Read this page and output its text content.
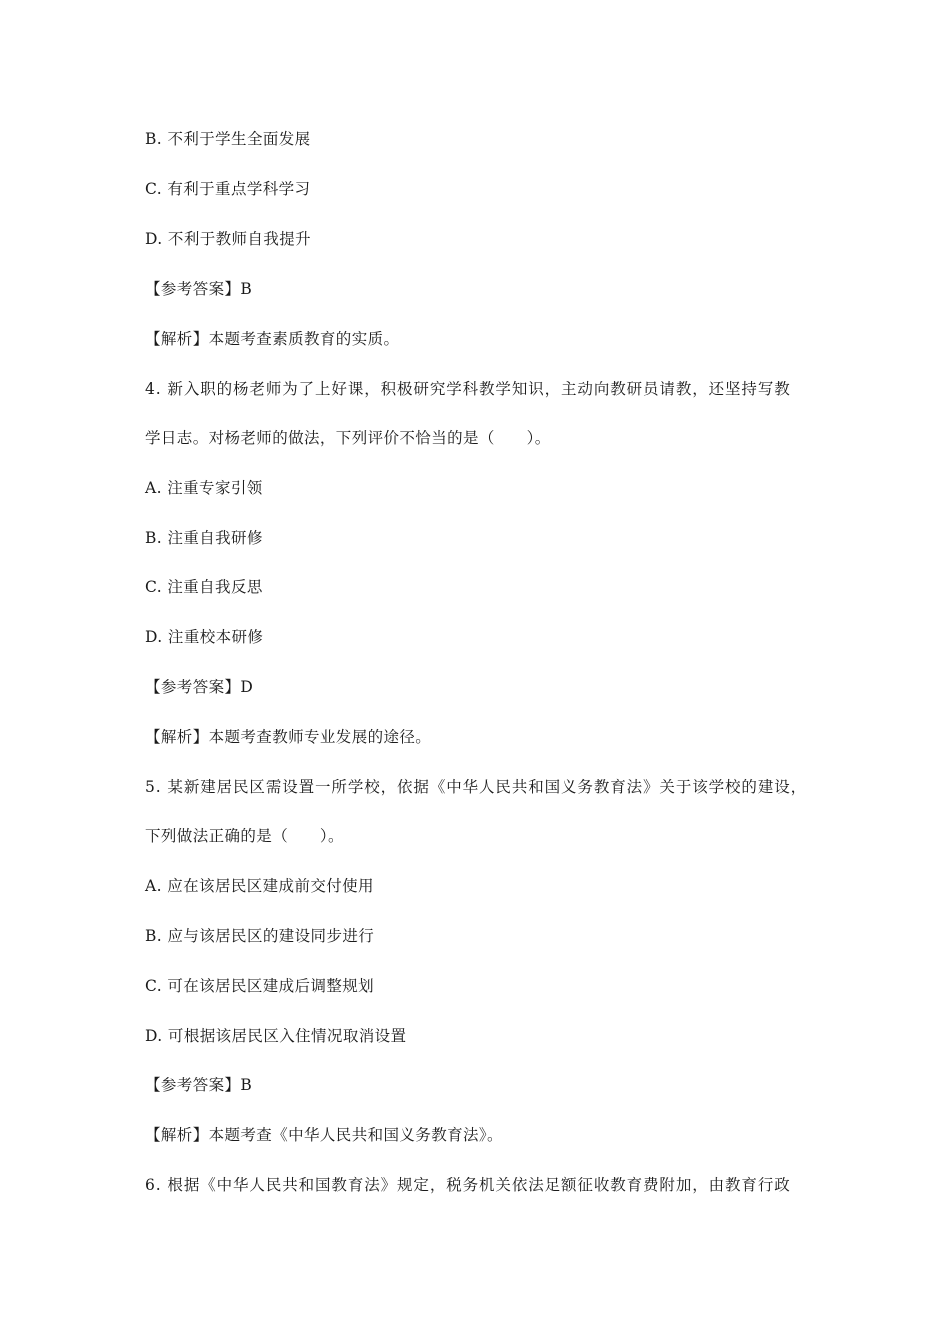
B. 不利于学生全面发展
C. 有利于重点学科学习
D. 不利于教师自我提升
【参考答案】B
【解析】本题考查素质教育的实质。
4. 新入职的杨老师为了上好课，积极研究学科教学知识，主动向教研员请教，还坚持写教
学日志。对杨老师的做法，下列评价不恰当的是（　　）。
A. 注重专家引领
B. 注重自我研修
C. 注重自我反思
D. 注重校本研修
【参考答案】D
【解析】本题考查教师专业发展的途径。
5. 某新建居民区需设置一所学校，依据《中华人民共和国义务教育法》关于该学校的建设，
下列做法正确的是（　　）。
A. 应在该居民区建成前交付使用
B. 应与该居民区的建设同步进行
C. 可在该居民区建成后调整规划
D. 可根据该居民区入住情况取消设置
【参考答案】B
【解析】本题考查《中华人民共和国义务教育法》。
6. 根据《中华人民共和国教育法》规定，税务机关依法足额征收教育费附加，由教育行政
